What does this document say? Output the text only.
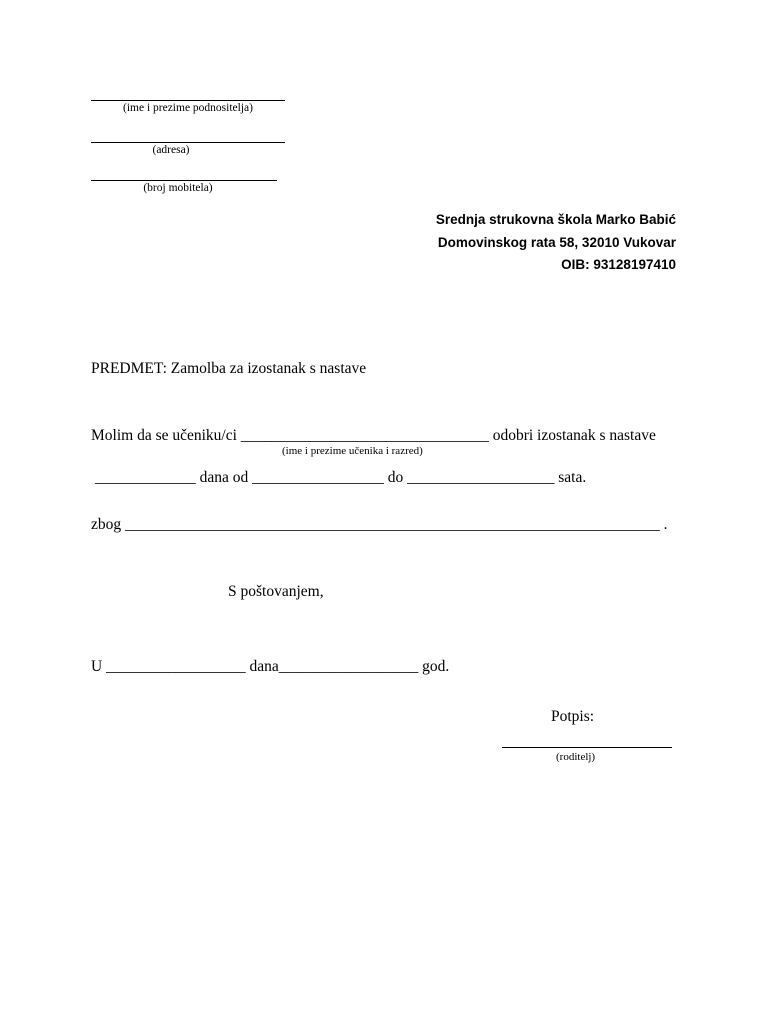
(ime i prezime podnositelja)
(adresa)
(broj mobitela)
Srednja strukovna škola Marko Babić
Domovinskog rata 58, 32010 Vukovar
OIB: 93128197410
PREDMET: Zamolba za izostanak s nastave
Molim da se učeniku/ci ________________________________ odobri izostanak s nastave
(ime i prezime učenika i razred)
_____________ dana od _________________ do ___________________ sata.
zbog _____________________________________________________________________ .
S poštovanjem,
U __________________ dana__________________ god.
Potpis:
(roditelj)
